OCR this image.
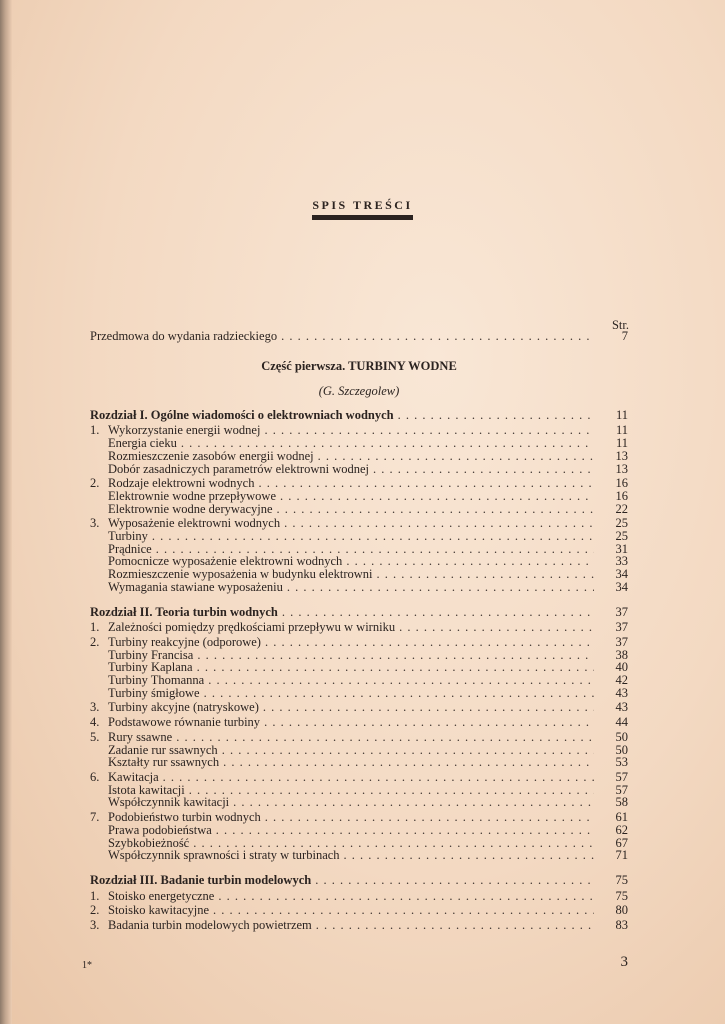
SPIS TREŚCI
Str.
Przedmowa do wydania radzieckiego . . .	7
Część pierwsza. TURBINY WODNE
(G. Szczegolew)
Rozdział I. Ogólne wiadomości o elektrowniach wodnych . . .	11
1. Wykorzystanie energii wodnej . . .	11
Energia cieku . . .	11
Rozmieszczenie zasobów energii wodnej . . .	13
Dobór zasadniczych parametrów elektrowni wodnej . . .	13
2. Rodzaje elektrowni wodnych . . .	16
Elektrownie wodne przepływowe . . .	16
Elektrownie wodne derywacyjne . . .	22
3. Wyposażenie elektrowni wodnych . . .	25
Turbiny . . .	25
Prądnice . . .	31
Pomocnicze wyposażenie elektrowni wodnych . . .	33
Rozmieszczenie wyposażenia w budynku elektrowni . . .	34
Wymagania stawiane wyposażeniu . . .	34
Rozdział II. Teoria turbin wodnych . . .	37
1. Zależności pomiędzy prędkościami przepływu w wirniku . . .	37
2. Turbiny reakcyjne (odporowe) . . .	37
Turbiny Francisa . . .	38
Turbiny Kaplana . . .	40
Turbiny Thomanna . . .	42
Turbiny śmigłowe . . .	43
3. Turbiny akcyjne (natryskowe) . . .	43
4. Podstawowe równanie turbiny . . .	44
5. Rury ssawne . . .	50
Zadanie rur ssawnych . . .	50
Kształty rur ssawnych . . .	53
6. Kawitacja . . .	57
Istota kawitacji . . .	57
Współczynnik kawitacji . . .	58
7. Podobieństwo turbin wodnych . . .	61
Prawa podobieństwa . . .	62
Szybkobieżność . . .	67
Współczynnik sprawności i straty w turbinach . . .	71
Rozdział III. Badanie turbin modelowych . . .	75
1. Stoisko energetyczne . . .	75
2. Stoisko kawitacyjne . . .	80
3. Badania turbin modelowych powietrzem . . .	83
1*	3
